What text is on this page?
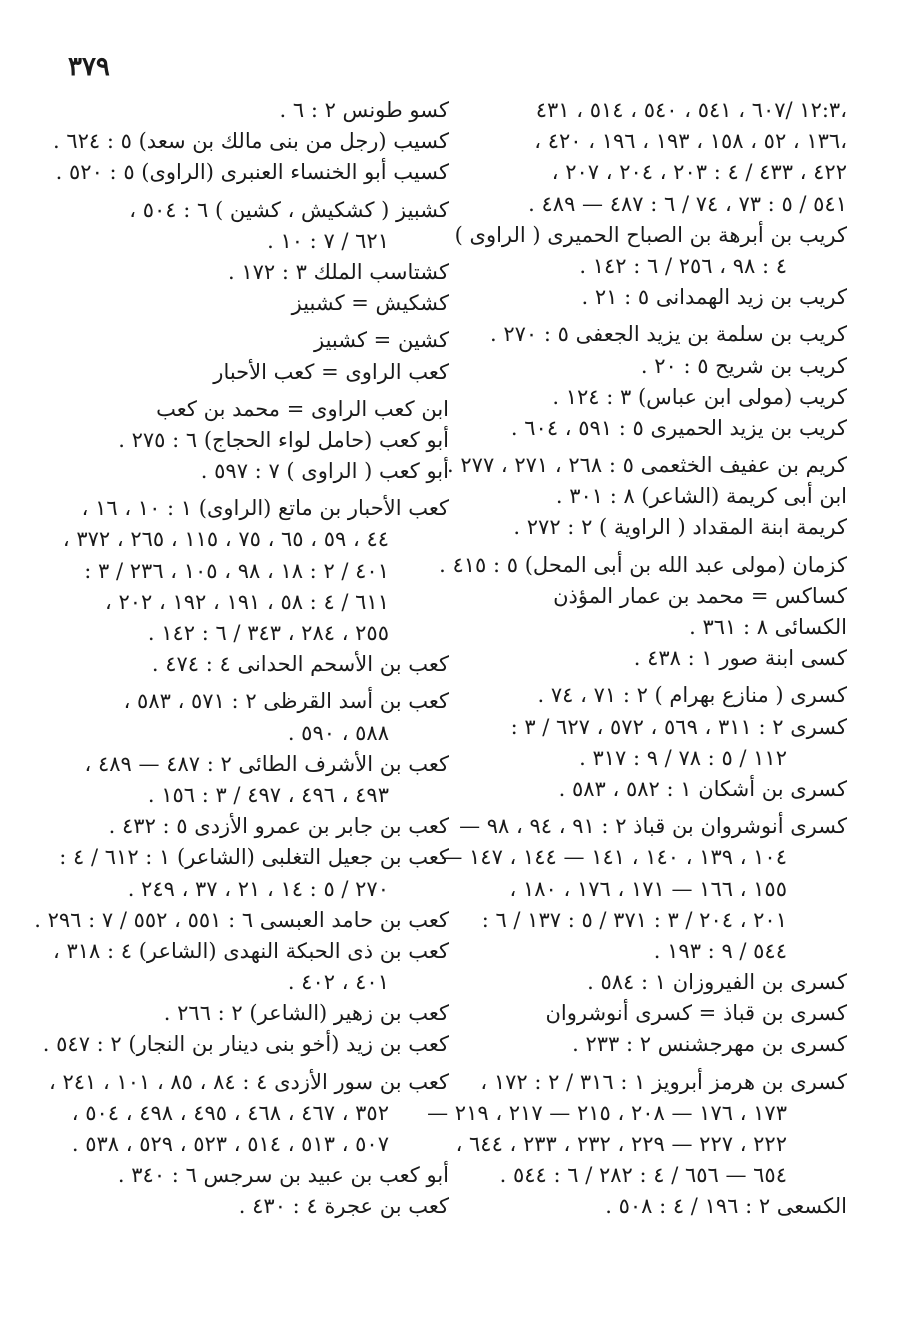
٣٧٩
،١٢:٣ /٦٠٧ ، ٥٤١ ، ٥٤٠ ، ٥١٤ ، ٤٣١
،١٣٦ ، ٥٢ ، ١٥٨ ، ١٩٣ ، ١٩٦ ، ٤٢٠ ،
٤٢٢ ، ٤٣٣ / ٤ : ٢٠٣ ، ٢٠٤ ، ٢٠٧ ،
٥٤١ / ٥ : ٧٣ ، ٧٤ / ٦ : ٤٨٧ — ٤٨٩ .
كريب بن أبرهة بن الصباح الحميرى ( الراوى )
٤ : ٩٨ ، ٢٥٦ / ٦ : ١٤٢ .
كريب بن زيد الهمدانى ٥ : ٢١ .
كريب بن سلمة بن يزيد الجعفى ٥ : ٢٧٠ .
كريب بن شريح ٥ : ٢٠ .
كريب (مولى ابن عباس) ٣ : ١٢٤ .
كريب بن يزيد الحميرى ٥ : ٥٩١ ، ٦٠٤ .
كريم بن عفيف الخثعمى ٥ : ٢٦٨ ، ٢٧١ ، ٢٧٧ .
ابن أبى كريمة (الشاعر) ٨ : ٣٠١ .
كريمة ابنة المقداد ( الراوية ) ٢ : ٢٧٢ .
كزمان (مولى عبد الله بن أبى المحل) ٥ : ٤١٥ .
كساكس = محمد بن عمار المؤذن
الكسائى ٨ : ٣٦١ .
كسى ابنة صور ١ : ٤٣٨ .
كسرى ( منازع بهرام ) ٢ : ٧١ ، ٧٤ .
كسرى ٢ : ٣١١ ، ٥٦٩ ، ٥٧٢ ، ٦٢٧ / ٣ :
١١٢ / ٥ : ٧٨ / ٩ : ٣١٧ .
كسرى بن أشكان ١ : ٥٨٢ ، ٥٨٣ .
كسرى أنوشروان بن قباذ ٢ : ٩١ ، ٩٤ ، ٩٨ —
١٠٤ ، ١٣٩ ، ١٤٠ ، ١٤١ — ١٤٤ ، ١٤٧ —
١٥٥ ، ١٦٦ — ١٧١ ، ١٧٦ ، ١٨٠ ،
٢٠١ ، ٢٠٤ / ٣ : ٣٧١ / ٥ : ١٣٧ / ٦ :
٥٤٤ / ٩ : ١٩٣ .
كسرى بن الفيروزان ١ : ٥٨٤ .
كسرى بن قباذ = كسرى أنوشروان
كسرى بن مهرجشنس ٢ : ٢٣٣ .
كسرى بن هرمز أبرويز ١ : ٣١٦ / ٢ : ١٧٢ ،
١٧٣ ، ١٧٦ — ٢٠٨ ، ٢١٥ — ٢١٧ ، ٢١٩ —
٢٢٢ ، ٢٢٧ — ٢٢٩ ، ٢٣٢ ، ٢٣٣ ، ٦٤٤ ،
٦٥٤ — ٦٥٦ / ٤ : ٢٨٢ / ٦ : ٥٤٤ .
الكسعى ٢ : ١٩٦ / ٤ : ٥٠٨ .
كسو طونس ٢ : ٦ .
كسيب (رجل من بنى مالك بن سعد) ٥ : ٦٢٤ .
كسيب أبو الخنساء العنبرى (الراوى) ٥ : ٥٢٠ .
كشبيز ( كشكيش ، كشين ) ٦ : ٥٠٤ ،
٦٢١ / ٧ : ١٠ .
كشتاسب الملك ٣ : ١٧٢ .
كشكيش = كشبيز
كشين = كشبيز
كعب الراوى = كعب الأحبار
ابن كعب الراوى = محمد بن كعب
أبو كعب (حامل لواء الحجاج) ٦ : ٢٧٥ .
أبو كعب ( الراوى ) ٧ : ٥٩٧ .
كعب الأحبار بن ماتع (الراوى) ١ : ١٠ ، ١٦ ،
٤٤ ، ٥٩ ، ٦٥ ، ٧٥ ، ١١٥ ، ٢٦٥ ، ٣٧٢ ،
٤٠١ / ٢ : ١٨ ، ٩٨ ، ١٠٥ ، ٢٣٦ / ٣ :
٦١١ / ٤ : ٥٨ ، ١٩١ ، ١٩٢ ، ٢٠٢ ،
٢٥٥ ، ٢٨٤ ، ٣٤٣ / ٦ : ١٤٢ .
كعب بن الأسحم الحدانى ٤ : ٤٧٤ .
كعب بن أسد القرظى ٢ : ٥٧١ ، ٥٨٣ ،
٥٨٨ ، ٥٩٠ .
كعب بن الأشرف الطائى ٢ : ٤٨٧ — ٤٨٩ ،
٤٩٣ ، ٤٩٦ ، ٤٩٧ / ٣ : ١٥٦ .
كعب بن جابر بن عمرو الأزدى ٥ : ٤٣٢ .
كعب بن جعيل التغلبى (الشاعر) ١ : ٦١٢ / ٤ :
٢٧٠ / ٥ : ١٤ ، ٢١ ، ٣٧ ، ٢٤٩ .
كعب بن حامد العبسى ٦ : ٥٥١ ، ٥٥٢ / ٧ : ٢٩٦ .
كعب بن ذى الحبكة النهدى (الشاعر) ٤ : ٣١٨ ،
٤٠١ ، ٤٠٢ .
كعب بن زهير (الشاعر) ٢ : ٢٦٦ .
كعب بن زيد (أخو بنى دينار بن النجار) ٢ : ٥٤٧ .
كعب بن سور الأزدى ٤ : ٨٤ ، ٨٥ ، ١٠١ ، ٢٤١ ،
٣٥٢ ، ٤٦٧ ، ٤٦٨ ، ٤٩٥ ، ٤٩٨ ، ٥٠٤ ،
٥٠٧ ، ٥١٣ ، ٥١٤ ، ٥٢٣ ، ٥٢٩ ، ٥٣٨ .
أبو كعب بن عبيد بن سرجس ٦ : ٣٤٠ .
كعب بن عجرة ٤ : ٤٣٠ .
